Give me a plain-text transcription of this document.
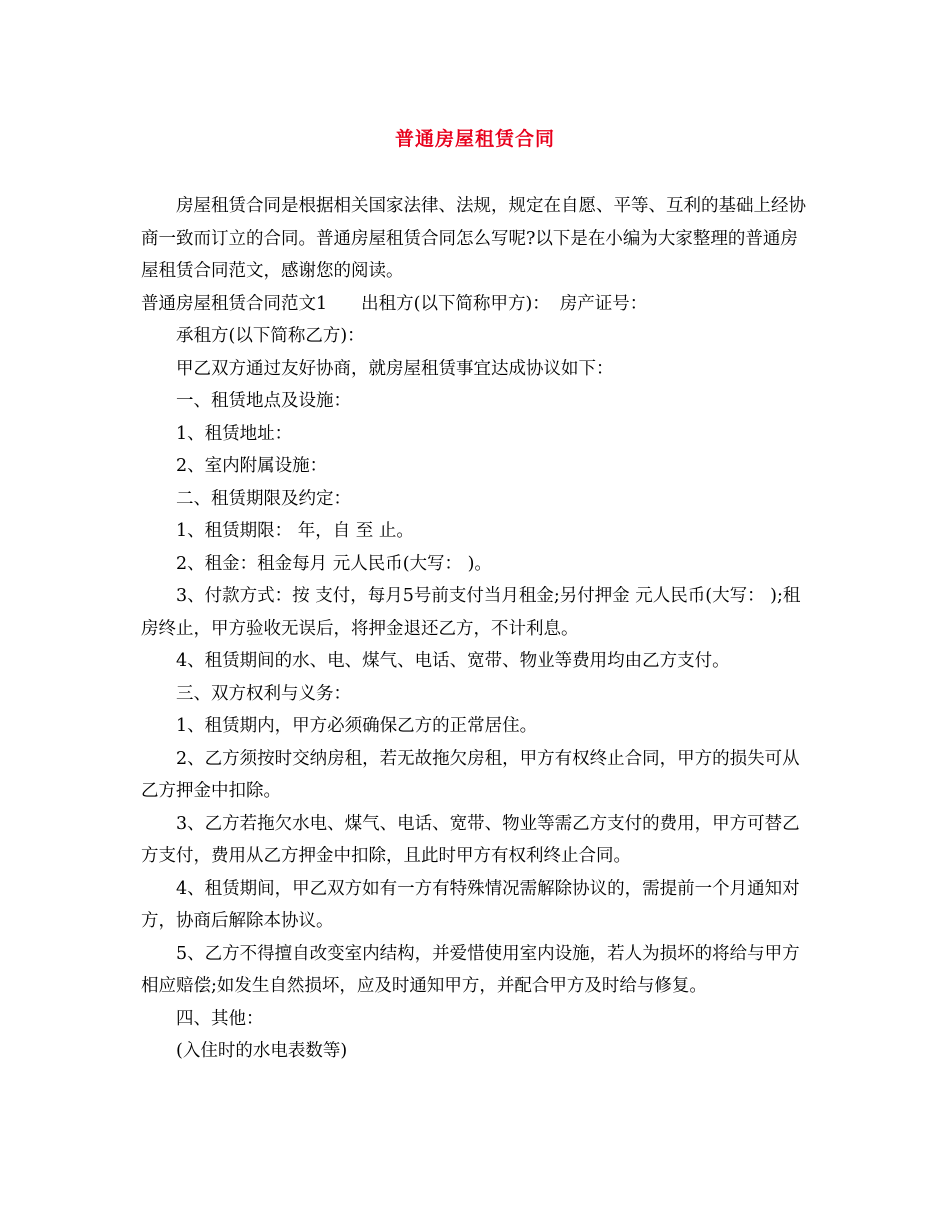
普通房屋租赁合同

房屋租赁合同是根据相关国家法律、法规，规定在自愿、平等、互利的基础上经协商一致而订立的合同。普通房屋租赁合同怎么写呢?以下是在小编为大家整理的普通房屋租赁合同范文，感谢您的阅读。

普通房屋租赁合同范文1 出租方(以下简称甲方)： 房产证号：

承租方(以下简称乙方)：

甲乙双方通过友好协商，就房屋租赁事宜达成协议如下：

一、租赁地点及设施：

1、租赁地址：

2、室内附属设施：

二、租赁期限及约定：

1、租赁期限： 年，自 至 止。

2、租金：租金每月 元人民币(大写： )。

3、付款方式：按 支付，每月5号前支付当月租金;另付押金 元人民币(大写： );租房终止，甲方验收无误后，将押金退还乙方，不计利息。

4、租赁期间的水、电、煤气、电话、宽带、物业等费用均由乙方支付。

三、双方权利与义务：

1、租赁期内，甲方必须确保乙方的正常居住。

2、乙方须按时交纳房租，若无故拖欠房租，甲方有权终止合同，甲方的损失可从乙方押金中扣除。

3、乙方若拖欠水电、煤气、电话、宽带、物业等需乙方支付的费用，甲方可替乙方支付，费用从乙方押金中扣除，且此时甲方有权利终止合同。

4、租赁期间，甲乙双方如有一方有特殊情况需解除协议的，需提前一个月通知对方，协商后解除本协议。

5、乙方不得擅自改变室内结构，并爱惜使用室内设施，若人为损坏的将给与甲方相应赔偿;如发生自然损坏，应及时通知甲方，并配合甲方及时给与修复。

四、其他：

(入住时的水电表数等)
